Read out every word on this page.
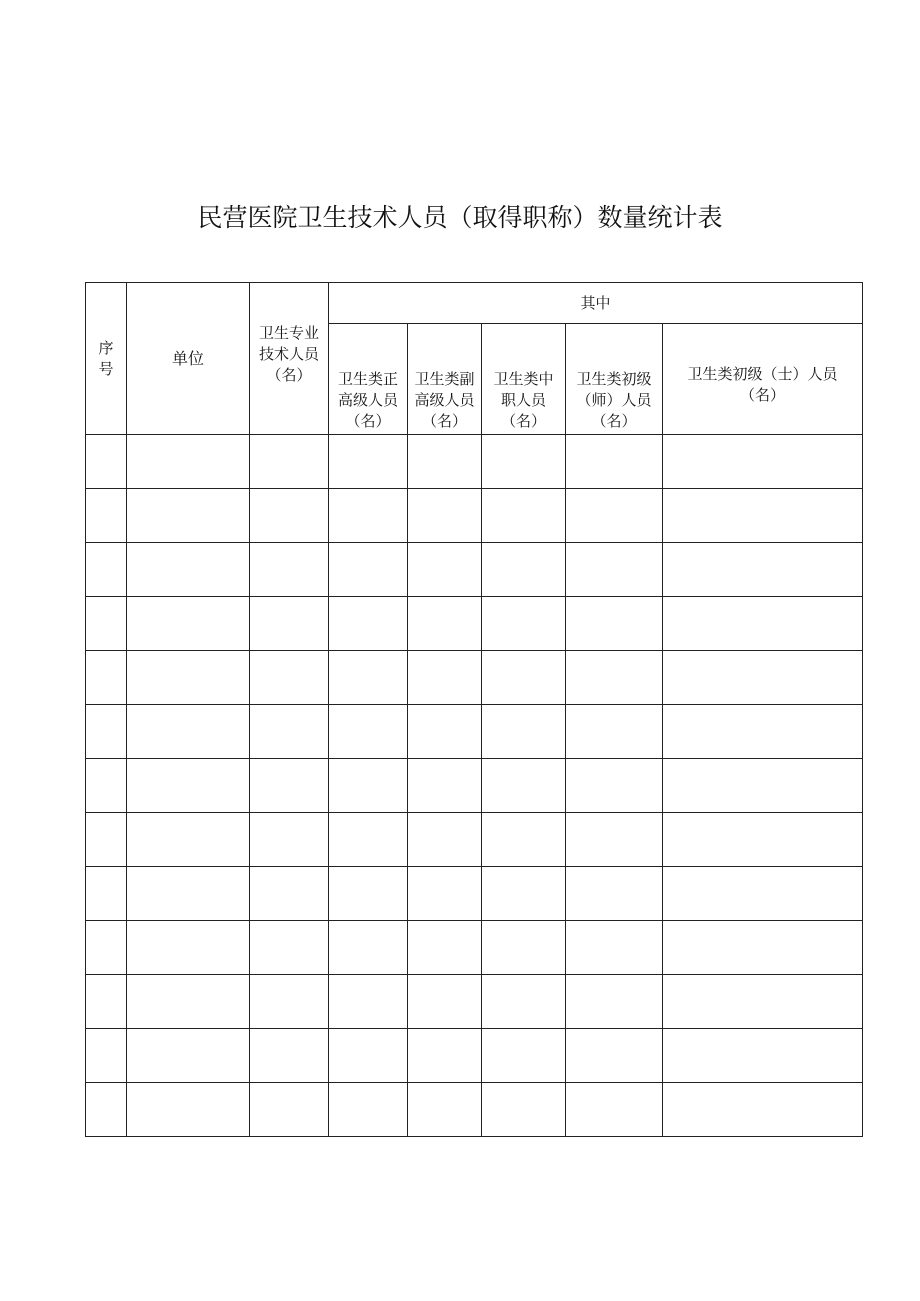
民营医院卫生技术人员（取得职称）数量统计表
序号	单位	卫生专业技术人员（名）	其中				

			卫生类正高级人员（名）	卫生类副高级人员（名）	卫生类中职人员（名）	卫生类初级（师）人员（名）	卫生类初级（士）人员（名）
